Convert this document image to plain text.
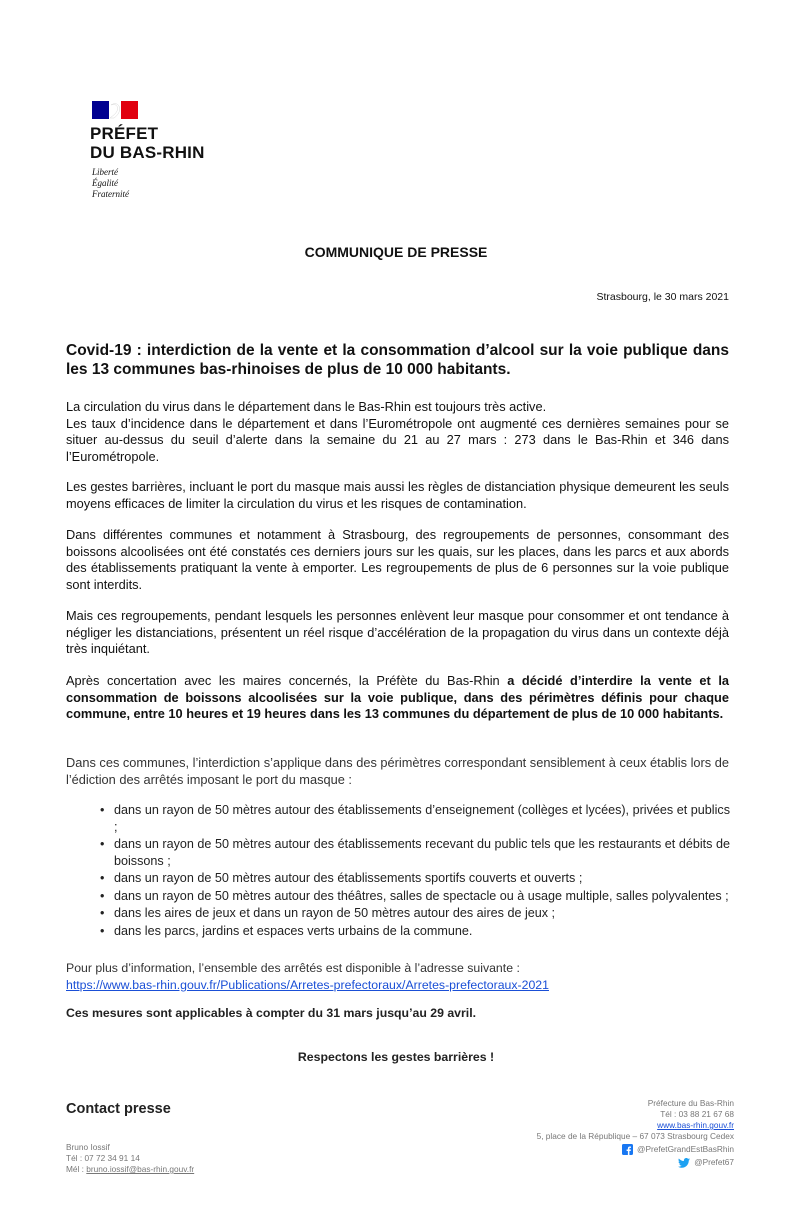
PRÉFET
DU BAS-RHIN
Liberté
Égalité
Fraternité
COMMUNIQUE DE PRESSE
Strasbourg, le 30 mars 2021
Covid-19 : interdiction de la vente et la consommation d’alcool sur la voie publique dans les 13 communes bas-rhinoises de plus de 10 000 habitants.

La circulation du virus dans le département dans le Bas-Rhin est toujours très active.

Les taux d’incidence dans le département et dans l’Eurométropole ont augmenté ces dernières semaines pour se situer au-dessus du seuil d’alerte dans la semaine du 21 au 27 mars : 273 dans le Bas-Rhin et 346 dans l’Eurométropole.

Les gestes barrières, incluant le port du masque mais aussi les règles de distanciation physique demeurent les seuls moyens efficaces de limiter la circulation du virus et les risques de contamination.

Dans différentes communes et notamment à Strasbourg, des regroupements de personnes, consommant des boissons alcoolisées ont été constatés ces derniers jours sur les quais, sur les places, dans les parcs et aux abords des établissements pratiquant la vente à emporter. Les regroupements de plus de 6 personnes sur la voie publique sont interdits.

Mais ces regroupements, pendant lesquels les personnes enlèvent leur masque pour consommer et ont tendance à négliger les distanciations, présentent un réel risque d’accélération de la propagation du virus dans un contexte déjà très inquiétant.

Après concertation avec les maires concernés, la Préfète du Bas-Rhin a décidé d’interdire la vente et la consommation de boissons alcoolisées sur la voie publique, dans des périmètres définis pour chaque commune, entre 10 heures et 19 heures dans les 13 communes du département de plus de 10 000 habitants.

Dans ces communes, l’interdiction s’applique dans des périmètres correspondant sensiblement à ceux établis lors de l’édiction des arrêtés imposant le port du masque :

• dans un rayon de 50 mètres autour des établissements d’enseignement (collèges et lycées), privées et publics ;
• dans un rayon de 50 mètres autour des établissements recevant du public tels que les restaurants et débits de boissons ;
• dans un rayon de 50 mètres autour des établissements sportifs couverts et ouverts ;
• dans un rayon de 50 mètres autour des théâtres, salles de spectacle ou à usage multiple, salles polyvalentes ;
• dans les aires de jeux et dans un rayon de 50 mètres autour des aires de jeux ;
• dans les parcs, jardins et espaces verts urbains de la commune.

Pour plus d’information, l’ensemble des arrêtés est disponible à l’adresse suivante :

https://www.bas-rhin.gouv.fr/Publications/Arretes-prefectoraux/Arretes-prefectoraux-2021

Ces mesures sont applicables à compter du 31 mars jusqu’au 29 avril.

Respectons les gestes barrières !
Contact presse
Bruno Iossif
Tél : 07 72 34 91 14
Mél : bruno.iossif@bas-rhin.gouv.fr
Préfecture du Bas-Rhin
Tél : 03 88 21 67 68
www.bas-rhin.gouv.fr
5, place de la République – 67 073 Strasbourg Cedex
@PrefetGrandEstBasRhin
@Prefet67
